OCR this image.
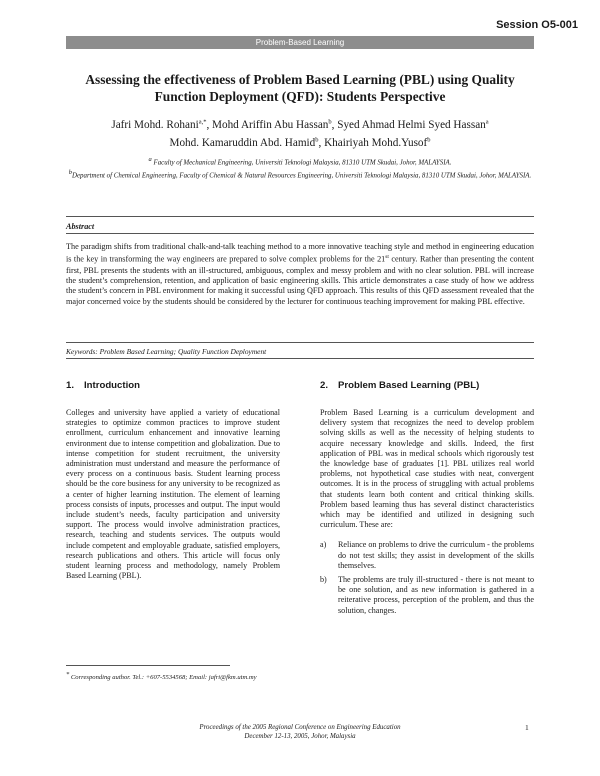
Session O5-001
Problem-Based Learning
Assessing the effectiveness of Problem Based Learning (PBL) using Quality
Function Deployment (QFD): Students Perspective
Jafri Mohd. Rohani$^{a,*}$, Mohd Ariffin Abu Hassan$^b$, Syed Ahmad Helmi Syed Hassan$^a$
Mohd. Kamaruddin Abd. Hamid$^b$, Khairiyah Mohd.Yusof$^b$
$^a$ Faculty of Mechanical Engineering, Universiti Teknologi Malaysia, 81310 UTM Skudai, Johor, MALAYSIA.
$^b$Department of Chemical Engineering, Faculty of Chemical & Natural Resources Engineering, Universiti Teknologi Malaysia, 81310 UTM Skudai, Johor, MALAYSIA.
Abstract

The paradigm shifts from traditional chalk-and-talk teaching method to a more innovative teaching style and method in engineering education is the key in transforming the way engineers are prepared to solve complex problems for the 21st century. Rather than presenting the content first, PBL presents the students with an ill-structured, ambiguous, complex and messy problem and with no clear solution. PBL will increase the student’s comprehension, retention, and application of basic engineering skills. This article demonstrates a case study of how we address the student’s concern in PBL environment for making it successful using QFD approach. This results of this QFD assessment revealed that the major concerned voice by the students should be considered by the lecturer for continuous teaching improvement for making PBL effective.

Keywords: Problem Based Learning; Quality Function Deployment
1. Introduction

Colleges and university have applied a variety of educational strategies to optimize common practices to improve student enrollment, curriculum enhancement and innovative learning environment due to intense competition and globalization. Due to intense competition for student recruitment, the university administration must understand and measure the performance of every process on a continuous basis. Student learning process should be the core business for any university to be recognized as a center of higher learning institution. The element of learning process consists of inputs, processes and output. The input would include student’s needs, faculty participation and university support. The process would involve administration practices, research, teaching and students services. The outputs would include competent and employable graduate, satisfied employers, research publications and others. This article will focus only student learning process and methodology, namely Problem Based Learning (PBL).

2. Problem Based Learning (PBL)

Problem Based Learning is a curriculum development and delivery system that recognizes the need to develop problem solving skills as well as the necessity of helping students to acquire necessary knowledge and skills. Indeed, the first application of PBL was in medical schools which rigorously test the knowledge base of graduates [1]. PBL utilizes real world problems, not hypothetical case studies with neat, convergent outcomes. It is in the process of struggling with actual problems that students learn both content and critical thinking skills. Problem based learning thus has several distinct characteristics which may be identified and utilized in designing such curriculum. These are:

a)	Reliance on problems to drive the curriculum - the problems do not test skills; they assist in development of the skills themselves.
b)	The problems are truly ill-structured - there is not meant to be one solution, and as new information is gathered in a reiterative process, perception of the problem, and thus the solution, changes.
* Corresponding author. Tel.: +607-5534568; Email: jafri@fkm.utm.my
Proceedings of the 2005 Regional Conference on Engineering Education
December 12-13, 2005, Johor, Malaysia
1
